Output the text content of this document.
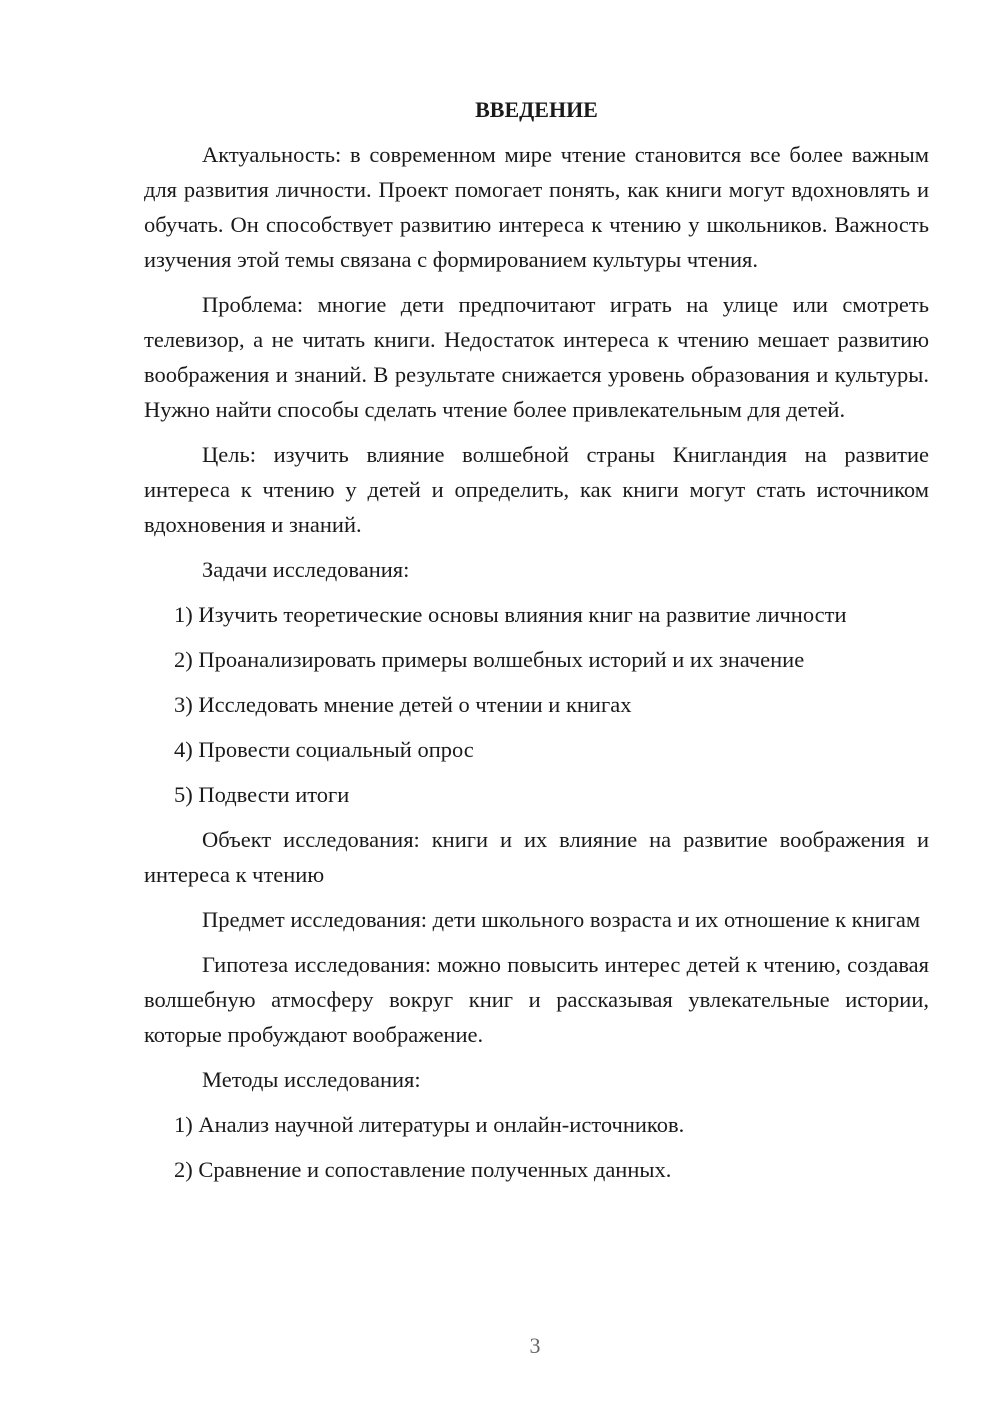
ВВЕДЕНИЕ

Актуальность: в современном мире чтение становится все более важным для развития личности. Проект помогает понять, как книги могут вдохновлять и обучать. Он способствует развитию интереса к чтению у школьников. Важность изучения этой темы связана с формированием культуры чтения.

Проблема: многие дети предпочитают играть на улице или смотреть телевизор, а не читать книги. Недостаток интереса к чтению мешает развитию воображения и знаний. В результате снижается уровень образования и культуры. Нужно найти способы сделать чтение более привлекательным для детей.

Цель: изучить влияние волшебной страны Книгландия на развитие интереса к чтению у детей и определить, как книги могут стать источником вдохновения и знаний.

Задачи исследования:
1) Изучить теоретические основы влияния книг на развитие личности
2) Проанализировать примеры волшебных историй и их значение
3) Исследовать мнение детей о чтении и книгах
4) Провести социальный опрос
5) Подвести итоги

Объект исследования: книги и их влияние на развитие воображения и интереса к чтению

Предмет исследования: дети школьного возраста и их отношение к книгам

Гипотеза исследования: можно повысить интерес детей к чтению, создавая волшебную атмосферу вокруг книг и рассказывая увлекательные истории, которые пробуждают воображение.

Методы исследования:
1) Анализ научной литературы и онлайн-источников.
2) Сравнение и сопоставление полученных данных.
3
